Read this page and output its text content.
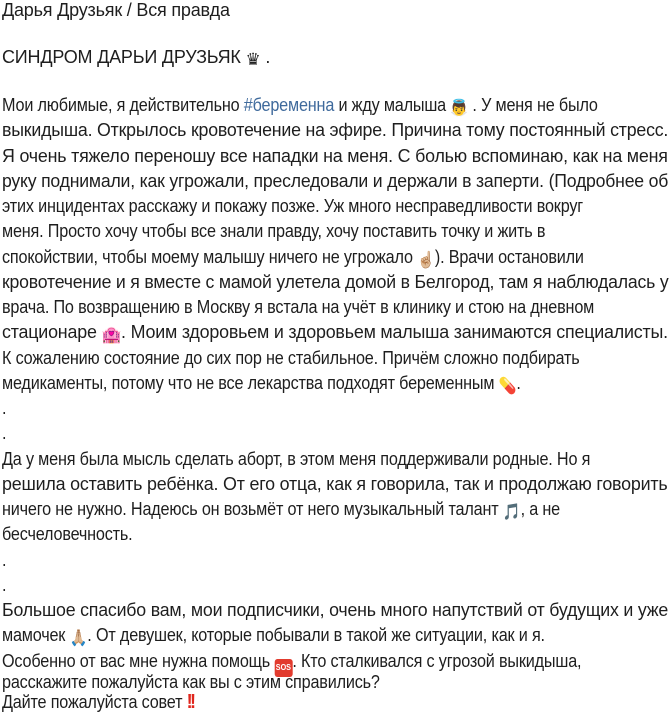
Дарья Друзьяк / Вся правда
СИНДРОМ ДАРЬИ ДРУЗЬЯК ♛ .
Мои любимые, я действительно #беременна и жду малыша 👼 . У меня не было
выкидыша. Открылось кровотечение на эфире. Причина тому постоянный стресс.
Я очень тяжело переношу все нападки на меня. С болью вспоминаю, как на меня
руку поднимали, как угрожали, преследовали и держали в заперти. (Подробнее об
этих инцидентах расскажу и покажу позже. Уж много несправедливости вокруг
меня. Просто хочу чтобы все знали правду, хочу поставить точку и жить в
спокойствии, чтобы моему малышу ничего не угрожало ☝🏼). Врачи остановили
кровотечение и я вместе с мамой улетела домой в Белгород, там я наблюдалась у
врача. По возвращению в Москву я встала на учёт в клинику и стою на дневном
стационаре 🏩. Моим здоровьем и здоровьем малыша занимаются специалисты.
К сожалению состояние до сих пор не стабильное. Причём сложно подбирать
медикаменты, потому что не все лекарства подходят беременным 💊.
.
.
Да у меня была мысль сделать аборт, в этом меня поддерживали родные. Но я
решила оставить ребёнка. От его отца, как я говорила, так и продолжаю говорить
ничего не нужно. Надеюсь он возьмёт от него музыкальный талант 🎵, а не
бесчеловечность.
.
.
Большое спасибо вам, мои подписчики, очень много напутствий от будущих и уже
мамочек 🙏🏼. От девушек, которые побывали в такой же ситуации, как и я.
Особенно от вас мне нужна помощь SOS. Кто сталкивался с угрозой выкидыша,
расскажите пожалуйста как вы с этим справились?
Дайте пожалуйста совет !!
